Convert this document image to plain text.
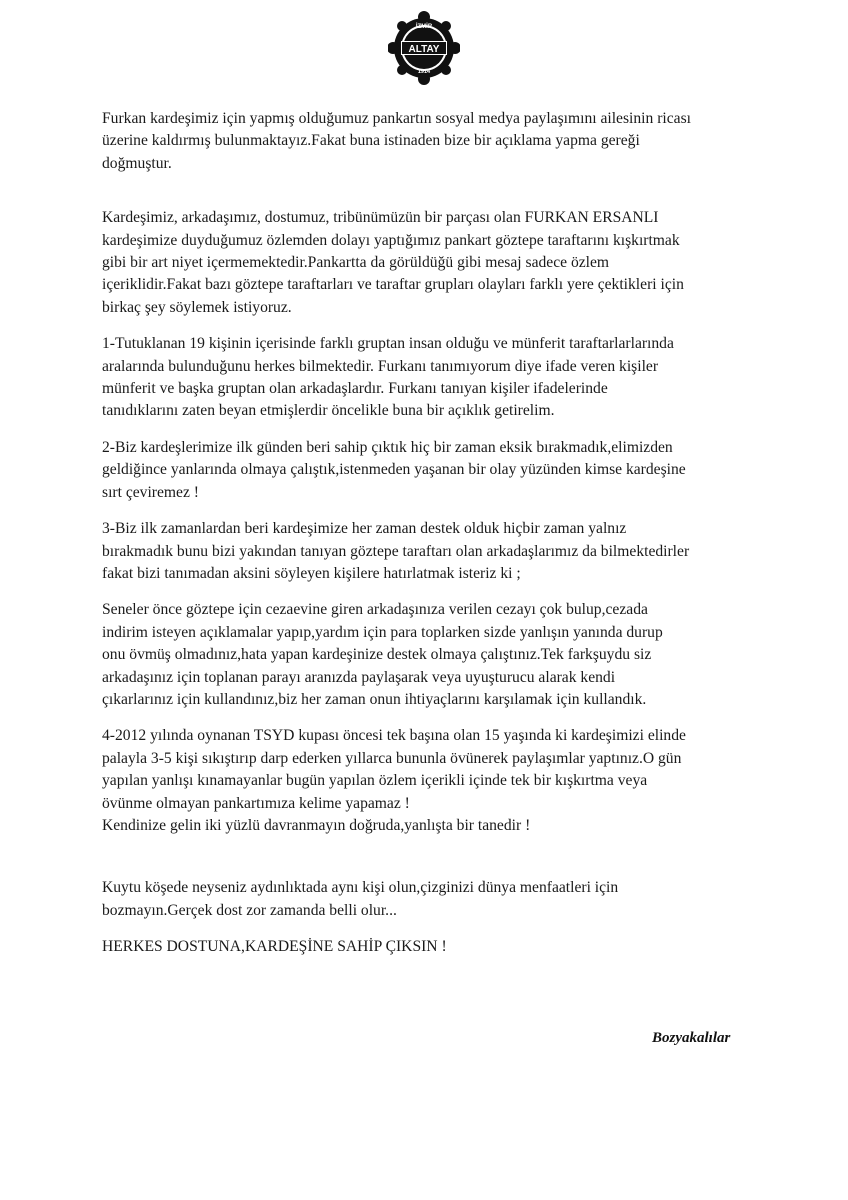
İZMİR
ALTAY
1914

Furkan kardeşimiz için yapmış olduğumuz pankartın sosyal medya paylaşımını ailesinin ricası
üzerine kaldırmış bulunmaktayız.Fakat buna istinaden bize bir açıklama yapma gereği
doğmuştur.

Kardeşimiz, arkadaşımız, dostumuz, tribünümüzün bir parçası olan FURKAN ERSANLI
kardeşimize duyduğumuz özlemden dolayı yaptığımız pankart göztepe taraftarını kışkırtmak
gibi bir art niyet içermemektedir.Pankartta da görüldüğü gibi mesaj sadece özlem
içeriklidir.Fakat bazı göztepe taraftarları ve taraftar grupları olayları farklı yere çektikleri için
birkaç şey söylemek istiyoruz.

1-Tutuklanan 19 kişinin içerisinde farklı gruptan insan olduğu ve münferit taraftarlarlarında
aralarında bulunduğunu herkes bilmektedir. Furkanı tanımıyorum diye ifade veren kişiler
münferit ve başka gruptan olan arkadaşlardır. Furkanı tanıyan kişiler ifadelerinde
tanıdıklarını zaten beyan etmişlerdir öncelikle buna bir açıklık getirelim.

2-Biz kardeşlerimize ilk günden beri sahip çıktık hiç bir zaman eksik bırakmadık,elimizden
geldiğince yanlarında olmaya çalıştık,istenmeden yaşanan bir olay yüzünden kimse kardeşine
sırt çeviremez !

3-Biz ilk zamanlardan beri kardeşimize her zaman destek olduk hiçbir zaman yalnız
bırakmadık bunu bizi yakından tanıyan göztepe taraftarı olan arkadaşlarımız da bilmektedirler
fakat bizi tanımadan aksini söyleyen kişilere hatırlatmak isteriz ki ;

Seneler önce göztepe için cezaevine giren arkadaşınıza verilen cezayı çok bulup,cezada
indirim isteyen açıklamalar yapıp,yardım için para toplarken sizde yanlışın yanında durup
onu övmüş olmadınız,hata yapan kardeşinize destek olmaya çalıştınız.Tek farkşuydu siz
arkadaşınız için toplanan parayı aranızda paylaşarak veya uyuşturucu alarak kendi
çıkarlarınız için kullandınız,biz her zaman onun ihtiyaçlarını karşılamak için kullandık.

4-2012 yılında oynanan TSYD kupası öncesi tek başına olan 15 yaşında ki kardeşimizi elinde
palayla 3-5 kişi sıkıştırıp darp ederken yıllarca bununla övünerek paylaşımlar yaptınız.O gün
yapılan yanlışı kınamayanlar bugün yapılan özlem içerikli içinde tek bir kışkırtma veya
övünme olmayan pankartımıza kelime yapamaz !
Kendinize gelin iki yüzlü davranmayın doğruda,yanlışta bir tanedir !

Kuytu köşede neyseniz aydınlıktada aynı kişi olun,çizginizi dünya menfaatleri için
bozmayın.Gerçek dost zor zamanda belli olur...

HERKES DOSTUNA,KARDEŞİNE SAHİP ÇIKSIN !

Bozyakalılar
